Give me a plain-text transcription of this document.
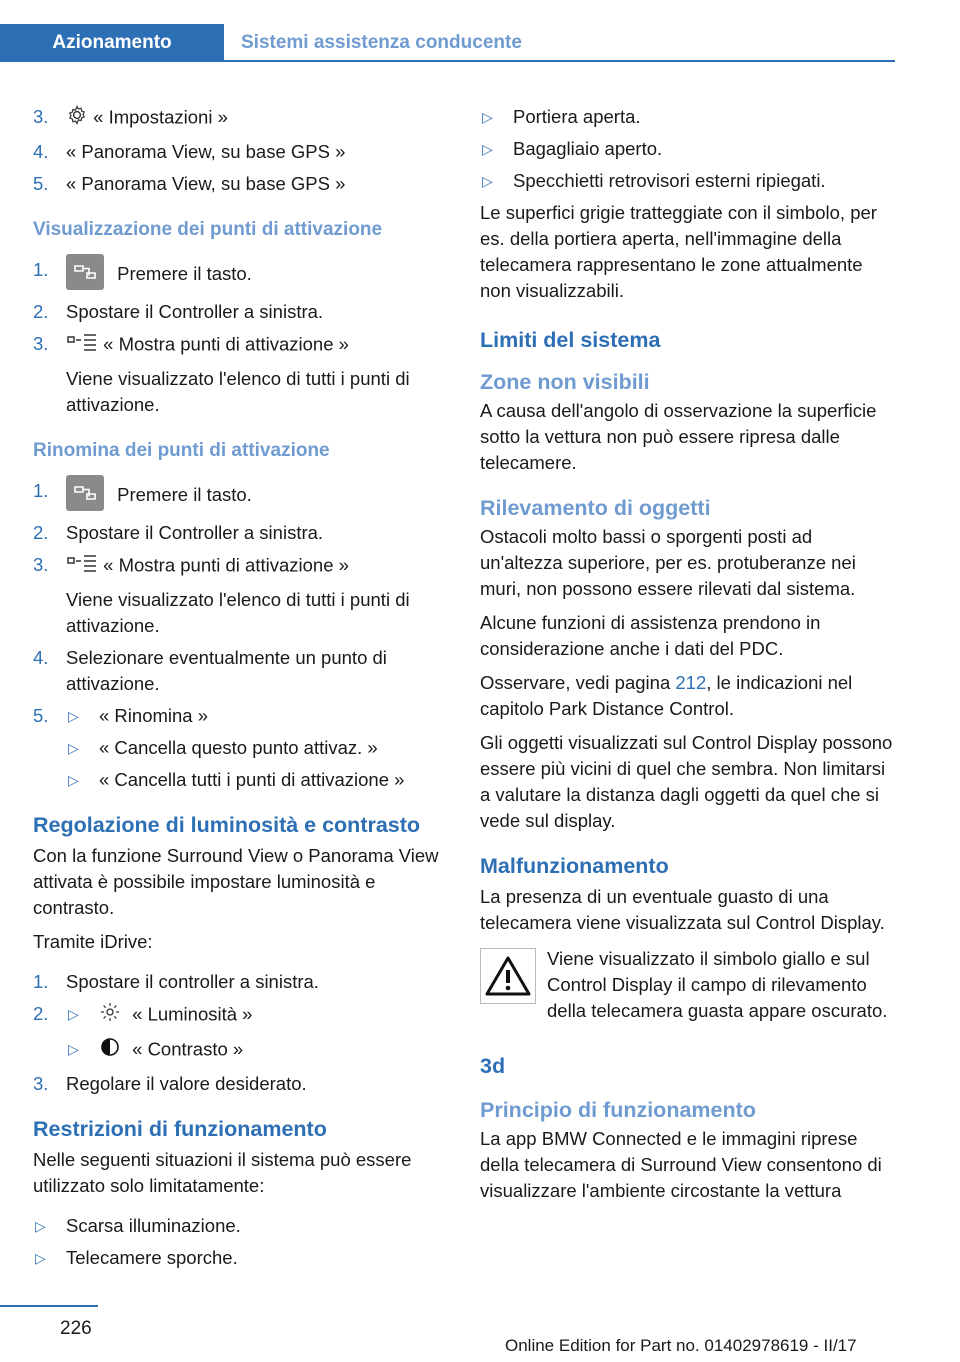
Azionamento	Sistemi assistenza conducente
3. « Impostazioni »
4. « Panorama View, su base GPS »
5. « Panorama View, su base GPS »
Visualizzazione dei punti di attivazione
1.	Premere il tasto.
2. Spostare il Controller a sinistra.
3.	« Mostra punti di attivazione »
Viene visualizzato l'elenco di tutti i punti di attivazione.
Rinomina dei punti di attivazione
1.	Premere il tasto.
2. Spostare il Controller a sinistra.
3.	« Mostra punti di attivazione »
Viene visualizzato l'elenco di tutti i punti di attivazione.
4. Selezionare eventualmente un punto di attivazione.
5. ▷ « Rinomina »
▷ « Cancella questo punto attivaz. »
▷ « Cancella tutti i punti di attivazione »
Regolazione di luminosità e contrasto

Con la funzione Surround View o Panorama View attivata è possibile impostare luminosità e contrasto.

Tramite iDrive:

1. Spostare il controller a sinistra.
2. ▷	« Luminosità »
▷	« Contrasto »
3. Regolare il valore desiderato.
Restrizioni di funzionamento

Nelle seguenti situazioni il sistema può essere utilizzato solo limitatamente:

▷ Scarsa illuminazione.
▷ Telecamere sporche.
▷ Portiera aperta.
▷ Bagagliaio aperto.
▷ Specchietti retrovisori esterni ripiegati.

Le superfici grigie tratteggiate con il simbolo, per es. della portiera aperta, nell'immagine della telecamera rappresentano le zone attualmente non visualizzabili.

Limiti del sistema
Zone non visibili

A causa dell'angolo di osservazione la superficie sotto la vettura non può essere ripresa dalle telecamere.

Rilevamento di oggetti

Ostacoli molto bassi o sporgenti posti ad un'altezza superiore, per es. protuberanze nei muri, non possono essere rilevati dal sistema.

Alcune funzioni di assistenza prendono in considerazione anche i dati del PDC.

Osservare, vedi pagina 212, le indicazioni nel capitolo Park Distance Control.

Gli oggetti visualizzati sul Control Display possono essere più vicini di quel che sembra. Non limitarsi a valutare la distanza dagli oggetti da quel che si vede sul display.

Malfunzionamento

La presenza di un eventuale guasto di una telecamera viene visualizzata sul Control Display.

Viene visualizzato il simbolo giallo e sul Control Display il campo di rilevamento della telecamera guasta appare oscurato.
3d
Principio di funzionamento

La app BMW Connected e le immagini riprese della telecamera di Surround View consentono di visualizzare l'ambiente circostante la vettura

226
Online Edition for Part no. 01402978619 - II/17
